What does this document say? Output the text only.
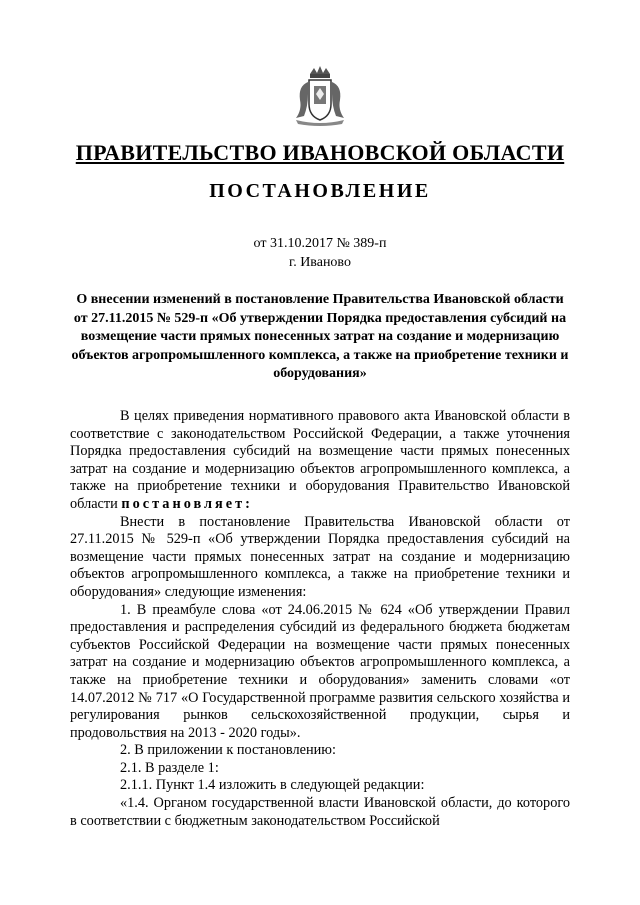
ПРАВИТЕЛЬСТВО ИВАНОВСКОЙ ОБЛАСТИ
ПОСТАНОВЛЕНИЕ
от 31.10.2017 № 389-п
г. Иваново
О внесении изменений в постановление Правительства Ивановской области от 27.11.2015 № 529-п «Об утверждении Порядка предоставления субсидий на возмещение части прямых понесенных затрат на создание и модернизацию объектов агропромышленного комплекса, а также на приобретение техники и оборудования»

В целях приведения нормативного правового акта Ивановской области в соответствие с законодательством Российской Федерации, а также уточнения Порядка предоставления субсидий на возмещение части прямых понесенных затрат на создание и модернизацию объектов агропромышленного комплекса, а также на приобретение техники и оборудования Правительство Ивановской области постановляет:

Внести в постановление Правительства Ивановской области от 27.11.2015 № 529-п «Об утверждении Порядка предоставления субсидий на возмещение части прямых понесенных затрат на создание и модернизацию объектов агропромышленного комплекса, а также на приобретение техники и оборудования» следующие изменения:

1. В преамбуле слова «от 24.06.2015 № 624 «Об утверждении Правил предоставления и распределения субсидий из федерального бюджета бюджетам субъектов Российской Федерации на возмещение части прямых понесенных затрат на создание и модернизацию объектов агропромышленного комплекса, а также на приобретение техники и оборудования» заменить словами «от 14.07.2012 № 717 «О Государственной программе развития сельского хозяйства и регулирования рынков сельскохозяйственной продукции, сырья и продовольствия на 2013 - 2020 годы».

2. В приложении к постановлению:

2.1. В разделе 1:

2.1.1. Пункт 1.4 изложить в следующей редакции:

«1.4. Органом государственной власти Ивановской области, до которого в соответствии с бюджетным законодательством Российской
